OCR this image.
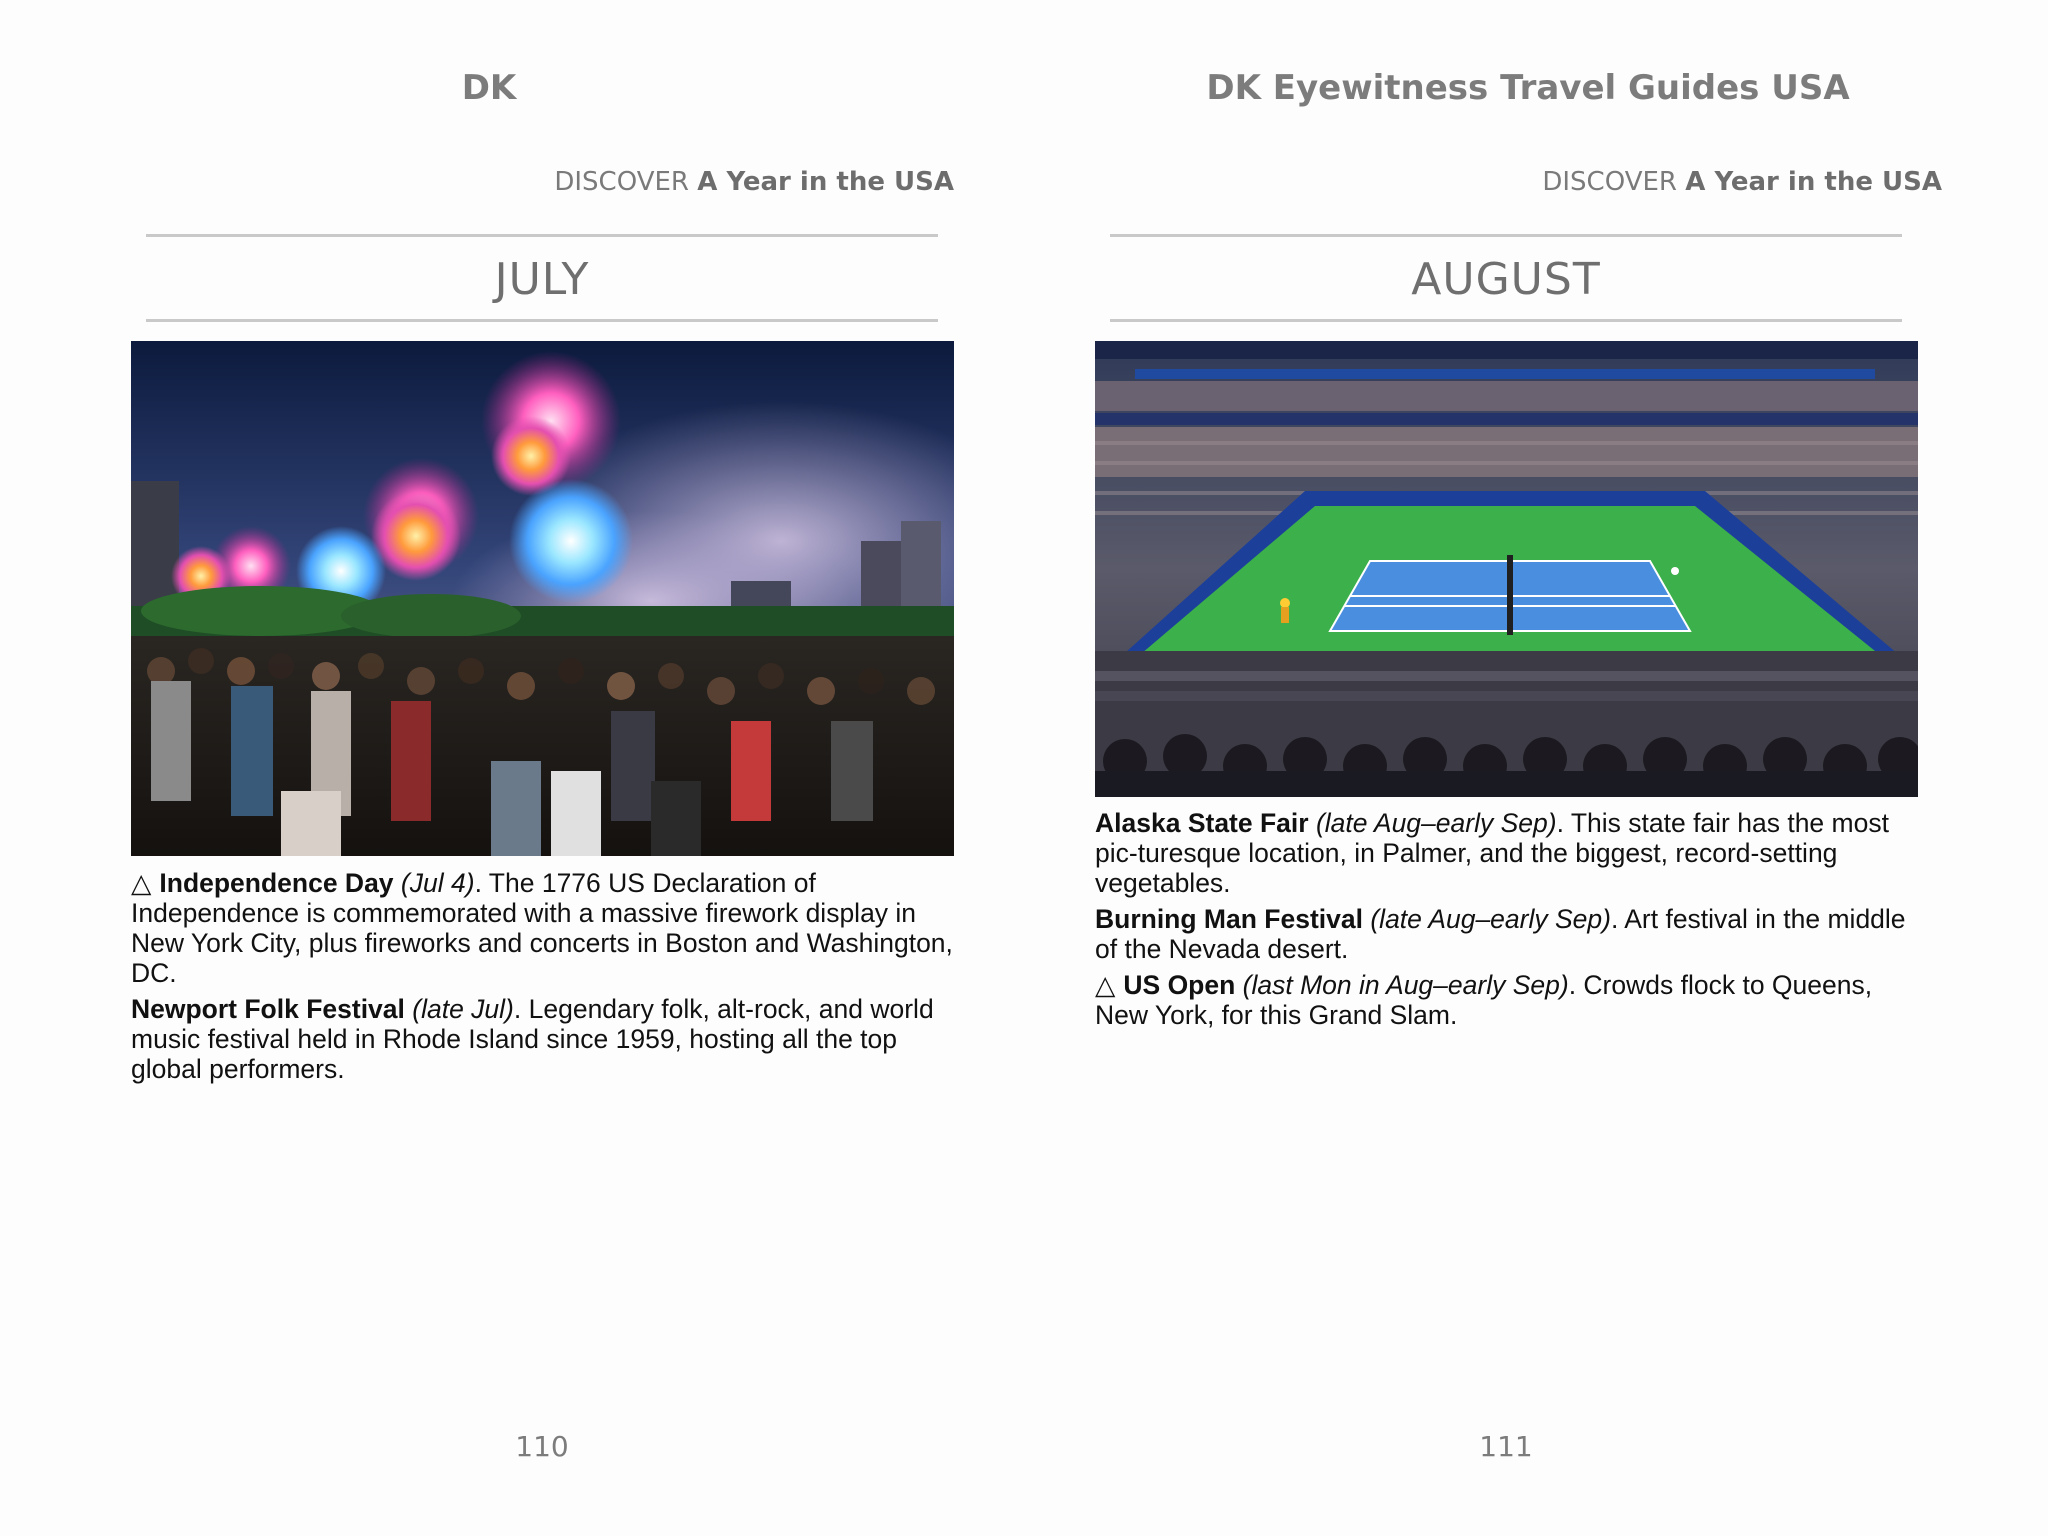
DK
DISCOVER A Year in the USA
JULY

△ Independence Day (Jul 4). The 1776 US Declaration of Independence is commemorated with a massive firework display in New York City, plus fireworks and concerts in Boston and Washington, DC.

Newport Folk Festival (late Jul). Legendary folk, alt-rock, and world music festival held in Rhode Island since 1959, hosting all the top global performers.

110
DK Eyewitness Travel Guides USA
DISCOVER A Year in the USA
AUGUST

Alaska State Fair (late Aug–early Sep). This state fair has the most pic-turesque location, in Palmer, and the biggest, record-setting vegetables.

Burning Man Festival (late Aug–early Sep). Art festival in the middle of the Nevada desert.

△ US Open (last Mon in Aug–early Sep). Crowds flock to Queens, New York, for this Grand Slam.

111
